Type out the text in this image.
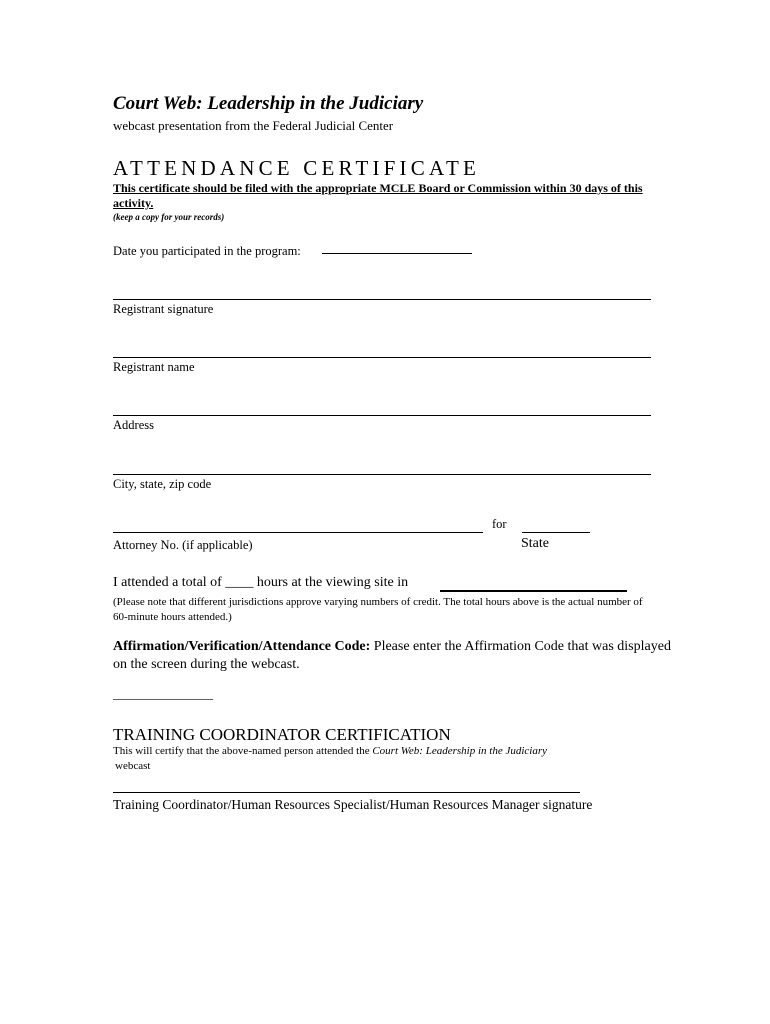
Court Web: Leadership in the Judiciary
webcast presentation from the Federal Judicial Center
ATTENDANCE CERTIFICATE
This certificate should be filed with the appropriate MCLE Board or Commission within 30 days of this activity.
(keep a copy for your records)
Date you participated in the program:
Registrant signature
Registrant name
Address
City, state, zip code
for
Attorney No. (if applicable)	State
I attended a total of ____ hours at the viewing site in
(Please note that different jurisdictions approve varying numbers of credit. The total hours above is the actual number of 60-minute hours attended.)
Affirmation/Verification/Attendance Code: Please enter the Affirmation Code that was displayed on the screen during the webcast.
________________
TRAINING COORDINATOR CERTIFICATION
This will certify that the above-named person attended the Court Web: Leadership in the Judiciary
webcast
Training Coordinator/Human Resources Specialist/Human Resources Manager signature
